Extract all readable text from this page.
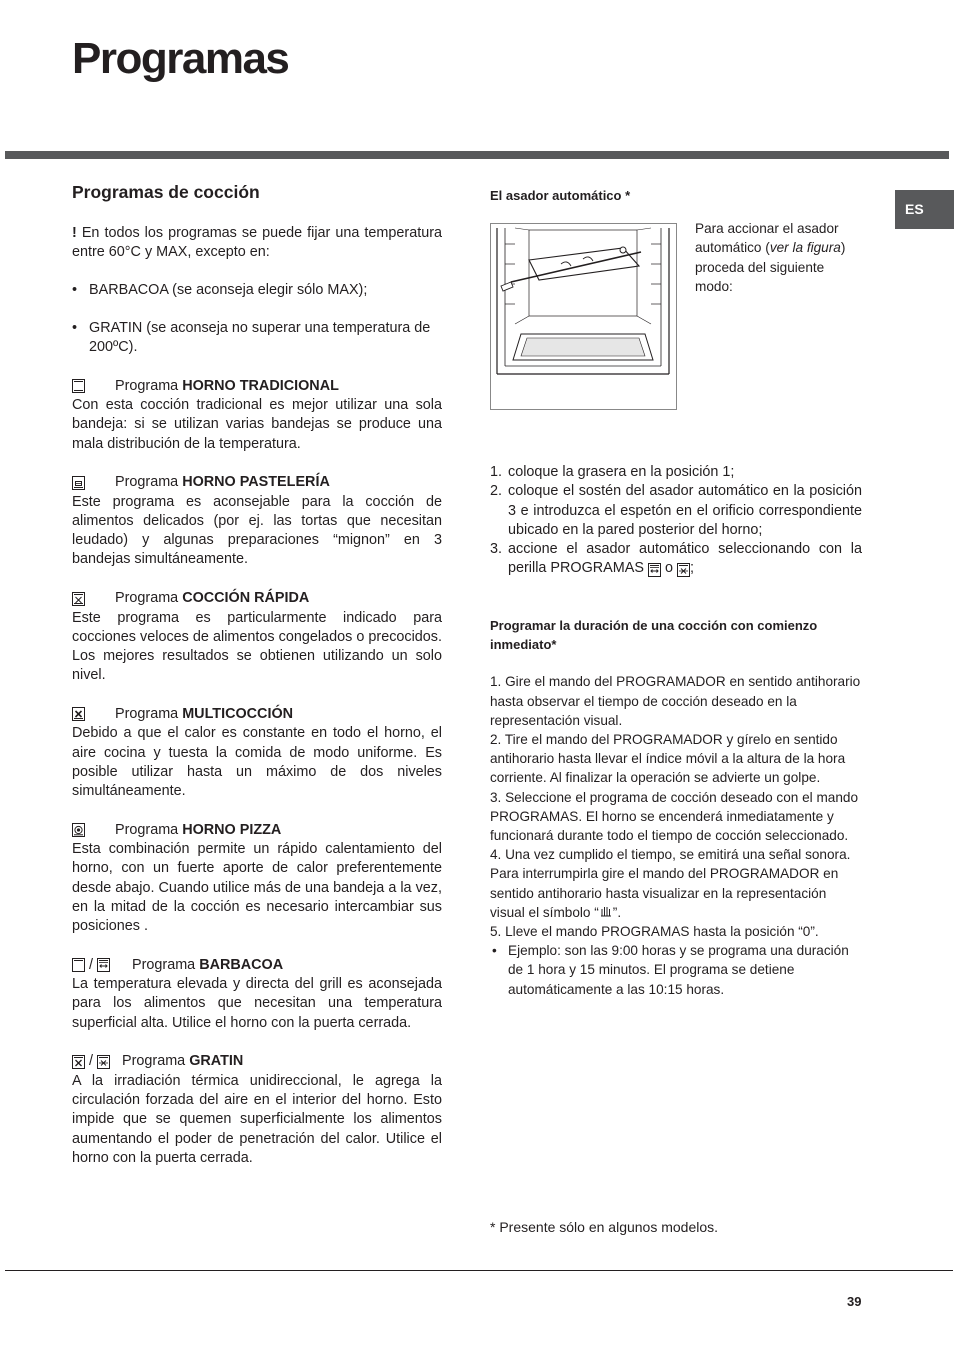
Programas
ES
Programas de cocción

! En todos los programas se puede fijar una temperatura entre 60°C y MAX, excepto en:

• BARBACOA (se aconseja elegir sólo MAX);
• GRATIN (se aconseja no superar una temperatura de 200ºC).
Programa
HORNO TRADICIONAL

Con esta cocción tradicional es mejor utilizar una sola bandeja: si se utilizan varias bandejas se produce una mala distribución de la temperatura.

Programa
HORNO PASTELERÍA

Este programa es aconsejable para la cocción de alimentos delicados (por ej. las tortas que necesitan leudado) y algunas preparaciones “mignon” en 3 bandejas simultáneamente.

Programa
COCCIÓN RÁPIDA

Este programa es particularmente indicado para cocciones veloces de alimentos congelados o precocidos. Los mejores resultados se obtienen utilizando un solo nivel.

Programa
MULTICOCCIÓN

Debido a que el calor es constante en todo el horno, el aire cocina y tuesta la comida de modo uniforme. Es posible utilizar hasta un máximo de dos niveles simultáneamente.

Programa
HORNO PIZZA

Esta combinación permite un rápido calentamiento del horno, con un fuerte aporte de calor preferentemente desde abajo. Cuando utilice más de una bandeja a la vez, en la mitad de la cocción es necesario intercambiar sus posiciones .

/	Programa
BARBACOA

La temperatura elevada y directa del grill es aconsejada para los alimentos que necesitan una temperatura superficial alta. Utilice el horno con la puerta cerrada.

/ Programa
GRATIN

A la irradiación térmica unidireccional, le agrega la circulación forzada del aire en el interior del horno. Esto impide que se quemen superficialmente los alimentos aumentando el poder de penetración del calor. Utilice el horno con la puerta cerrada.

El asador automático *

Para accionar el asador automático (ver la figura) proceda del siguiente modo:

1. coloque la grasera en la posición 1;
2. coloque el sostén del asador automático en la posición 3 e introduzca el espetón en el orificio correspondiente ubicado en la pared posterior del horno;
3. accione el asador automático seleccionando con la perilla PROGRAMAS o ;
Programar la duración de una cocción con comienzo inmediato*

1. Gire el mando del PROGRAMADOR en sentido antihorario hasta observar el tiempo de cocción deseado en la representación visual.

2. Tire el mando del PROGRAMADOR y gírelo en sentido antihorario hasta llevar el índice móvil a la altura de la hora corriente. Al finalizar la operación se advierte un golpe.

3. Seleccione el programa de cocción deseado con el mando PROGRAMAS. El horno se encenderá inmediatamente y funcionará durante todo el tiempo de cocción seleccionado.

4. Una vez cumplido el tiempo, se emitirá una señal sonora. Para interrumpirla gire el mando del PROGRAMADOR en sentido antihorario hasta visualizar en la representación visual el símbolo “ ”.

5. Lleve el mando PROGRAMAS hasta la posición “0”.

• Ejemplo: son las 9:00 horas y se programa una duración de 1 hora y 15 minutos. El programa se detiene automáticamente a las 10:15 horas.

* Presente sólo en algunos modelos.
39
